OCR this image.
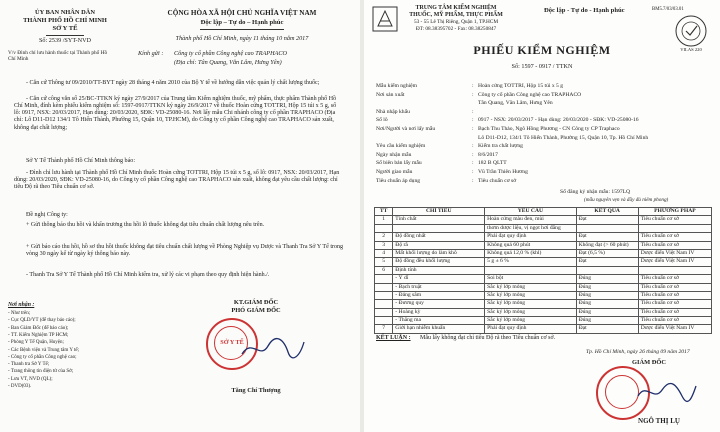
ỦY BAN NHÂN DÂN
THÀNH PHỐ HỒ CHÍ MINH
SỞ Y TẾ
Số: 2539 /SYT-NVD
CỘNG HÒA XÃ HỘI CHỦ NGHĨA VIỆT NAM
Độc lập – Tự do – Hạnh phúc
Thành phố Hồ Chí Minh, ngày 11 tháng 10 năm 2017
V/v Đình chỉ lưu hành thuốc tại Thành phố Hồ Chí Minh
Kính gửi : Công ty cổ phần Công nghệ cao TRAPHACO
(Địa chỉ: Tân Quang, Văn Lâm, Hưng Yên)
- Căn cứ Thông tư 09/2010/TT-BYT ngày 28 tháng 4 năm 2010 của Bộ Y tế về hướng dẫn việc quản lý chất lượng thuốc;
- Căn cứ công văn số 25/BC-TTKN ký ngày 27/9/2017 của Trung tâm Kiểm nghiệm thuốc, mỹ phẩm, thực phẩm Thành phố Hồ Chí Minh, đính kèm phiếu kiểm nghiệm số: 1597-0917/TTKN ký ngày 26/9/2017 về thuốc Hoàn cứng TOTTRI, Hộp 15 túi x 5 g, số lô: 0917, NSX: 20/03/2017, Hạn dùng: 20/03/2020, SĐK: VD-25080-16. Nơi lấy mẫu Chi nhánh công ty cổ phần TRAPHACO (Địa chỉ: Lô D11-D12 134/1 Tô Hiến Thành, Phường 15, Quận 10, TP.HCM), do Công ty cổ phần Công nghệ cao TRAPHACO sản xuất, không đạt chất lượng;
Sở Y Tế Thành phố Hồ Chí Minh thông báo:
- Đình chỉ lưu hành tại Thành phố Hồ Chí Minh thuốc Hoàn cứng TOTTRI, Hộp 15 túi x 5 g, số lô: 0917, NSX: 20/03/2017, Hạn dùng: 20/03/2020, SĐK: VD-25080-16, do Công ty cổ phần Công nghệ cao TRAPHACO sản xuất, không đạt yêu cầu chất lượng: chỉ tiêu Độ rã theo Tiêu chuẩn cơ sở.
Đề nghị Công ty:
+ Gửi thông báo thu hồi và khẩn trương thu hồi lô thuốc không đạt tiêu chuẩn chất lượng nêu trên.
+ Gửi báo cáo thu hồi, hồ sơ thu hồi thuốc không đạt tiêu chuẩn chất lượng về Phòng Nghiệp vụ Dược và Thanh Tra Sở Y Tế trong vòng 30 ngày kể từ ngày ký thông báo này.
- Thanh Tra Sở Y Tế Thành phố Hồ Chí Minh kiểm tra, xử lý các vi phạm theo quy định hiện hành./.
Nơi nhận :
- Như trên;
- Cục QLD/YT (để thay báo cáo);
- Ban Giám Đốc (để báo cáo);
- TT. Kiểm Nghiệm TP HCM;
- Phòng Y Tế Quận, Huyện;
- Các Bệnh viện và Trung tâm Y tế;
- Công ty cổ phần Công nghệ cao;
- Thanh tra Sở Y Tế;
- Trang thông tin điện tử của Sở;
- Lưu VT, NVD (QL);
- DVD(03).
KT.GIÁM ĐỐC
PHÓ GIÁM ĐỐC
SỞ Y TẾ
Tăng Chí Thượng
TRUNG TÂM KIỂM NGHIỆM
THUỐC, MỸ PHẨM, THỰC PHẨM
53 - 55 Lê Thị Riêng, Quận 1, TP.HCM
ĐT: 08.38395702 - Fax: 08.38250847
Độc lập - Tự do - Hạnh phúc	BM5.7/03/03.01
VILAS 220
PHIẾU KIỂM NGHIỆM
Số: 1597 - 0917 / TTKN
Mẫu kiểm nghiệm	: Hoàn cứng TOTTRI, Hộp 15 túi x 5 g
Nơi sản xuất	: Công ty cổ phần Công nghệ cao TRAPHACO
Tân Quang, Văn Lâm, Hưng Yên
Nhà nhập khẩu	:
Số lô	: 0917 - NSX: 20/03/2017 - Hạn dùng: 20/03/2020 - SĐK: VD-25080-16
Nơi/Người và nơi lấy mẫu	: Bạch Thu Thảo, Ngô Hồng Phương - CN Công ty CP Traphaco
Lô D11-D12, 134/1 Tô Hiến Thành, Phường 15, Quận 10, Tp. Hồ Chí Minh
Yêu cầu kiểm nghiệm	: Kiểm tra chất lượng
Ngày nhận mẫu	: 8/6/2017
Số biên bản lấy mẫu	: 182 B QLTT
Người giao mẫu	: Vũ Trần Thiên Hương
Tiêu chuẩn áp dụng	: Tiêu chuẩn cơ sở
Số đăng ký nhận mẫu: 1597LQ
(mẫu nguyên vẹn và đầy đủ niêm phong)
TT	CHỈ TIÊU	YÊU CẦU	KẾT QUẢ	PHƯƠNG PHÁP
1	Tính chất	Hoàn cứng màu đen, mùi	Đạt	Tiêu chuẩn cơ sở
		thơm dược liệu, vị ngọt hơi đắng		
2	Độ đồng nhất	Phải đạt quy định	Đạt	Tiêu chuẩn cơ sở
3	Độ rã	Không quá 60 phút	Không đạt (> 60 phút)	Tiêu chuẩn cơ sở
4	Mất khối lượng do làm khô	Không quá 12,0 % (khl)	Đạt (6,5 %)	Dược điển Việt Nam IV
5	Độ đồng đều khối lượng	5 g ± 6 %	Đạt	Dược điển Việt Nam IV
6	Định tính			
	- Ý dĩ	Soi bột	Đúng	Tiêu chuẩn cơ sở
	- Bạch truật	Sắc ký lớp mỏng	Đúng	Tiêu chuẩn cơ sở
	- Đảng sâm	Sắc ký lớp mỏng	Đúng	Tiêu chuẩn cơ sở
	- Đương quy	Sắc ký lớp mỏng	Đúng	Tiêu chuẩn cơ sở
	- Hoàng kỳ	Sắc ký lớp mỏng	Đúng	Tiêu chuẩn cơ sở
	- Thăng ma	Sắc ký lớp mỏng	Đúng	Tiêu chuẩn cơ sở
7	Giới hạn nhiễm khuẩn	Phải đạt quy định	Đạt	Dược điển Việt Nam IV
KẾT LUẬN : Mẫu lấy không đạt chỉ tiêu Độ rã theo Tiêu chuẩn cơ sở.
Tp. Hồ Chí Minh, ngày 26 tháng 09 năm 2017
GIÁM ĐỐC
NGÔ THỊ LỤ
